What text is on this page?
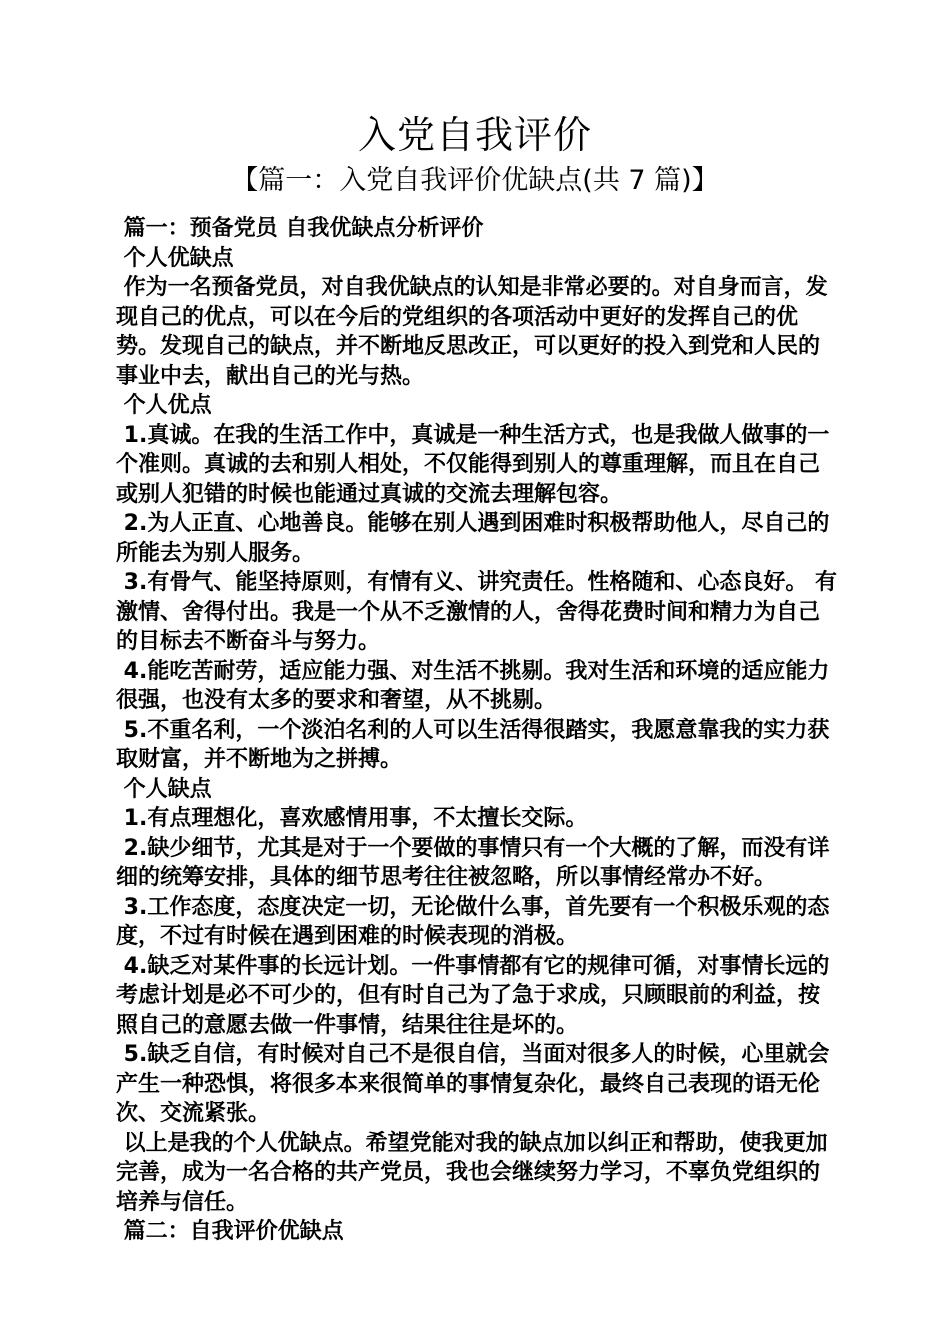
入党自我评价
【篇一：入党自我评价优缺点(共 7 篇)】

篇一：预备党员 自我优缺点分析评价

个人优缺点

作为一名预备党员，对自我优缺点的认知是非常必要的。对自身而言，发现自己的优点，可以在今后的党组织的各项活动中更好的发挥自己的优势。发现自己的缺点，并不断地反思改正，可以更好的投入到党和人民的事业中去，献出自己的光与热。

个人优点

1.真诚。在我的生活工作中，真诚是一种生活方式，也是我做人做事的一个准则。真诚的去和别人相处，不仅能得到别人的尊重理解，而且在自己或别人犯错的时候也能通过真诚的交流去理解包容。

2.为人正直、心地善良。能够在别人遇到困难时积极帮助他人，尽自己的所能去为别人服务。

3.有骨气、能坚持原则，有情有义、讲究责任。性格随和、心态良好。 有激情、舍得付出。我是一个从不乏激情的人，舍得花费时间和精力为自己的目标去不断奋斗与努力。

4.能吃苦耐劳，适应能力强、对生活不挑剔。我对生活和环境的适应能力很强，也没有太多的要求和奢望，从不挑剔。

5.不重名利，一个淡泊名利的人可以生活得很踏实，我愿意靠我的实力获取财富，并不断地为之拼搏。

个人缺点

1.有点理想化，喜欢感情用事，不太擅长交际。

2.缺少细节，尤其是对于一个要做的事情只有一个大概的了解，而没有详细的统筹安排，具体的细节思考往往被忽略，所以事情经常办不好。

3.工作态度，态度决定一切，无论做什么事，首先要有一个积极乐观的态度，不过有时候在遇到困难的时候表现的消极。

4.缺乏对某件事的长远计划。一件事情都有它的规律可循，对事情长远的考虑计划是必不可少的，但有时自己为了急于求成，只顾眼前的利益，按照自己的意愿去做一件事情，结果往往是坏的。

5.缺乏自信，有时候对自己不是很自信，当面对很多人的时候，心里就会产生一种恐惧，将很多本来很简单的事情复杂化，最终自己表现的语无伦次、交流紧张。

以上是我的个人优缺点。希望党能对我的缺点加以纠正和帮助，使我更加完善，成为一名合格的共产党员，我也会继续努力学习，不辜负党组织的培养与信任。

篇二：自我评价优缺点
